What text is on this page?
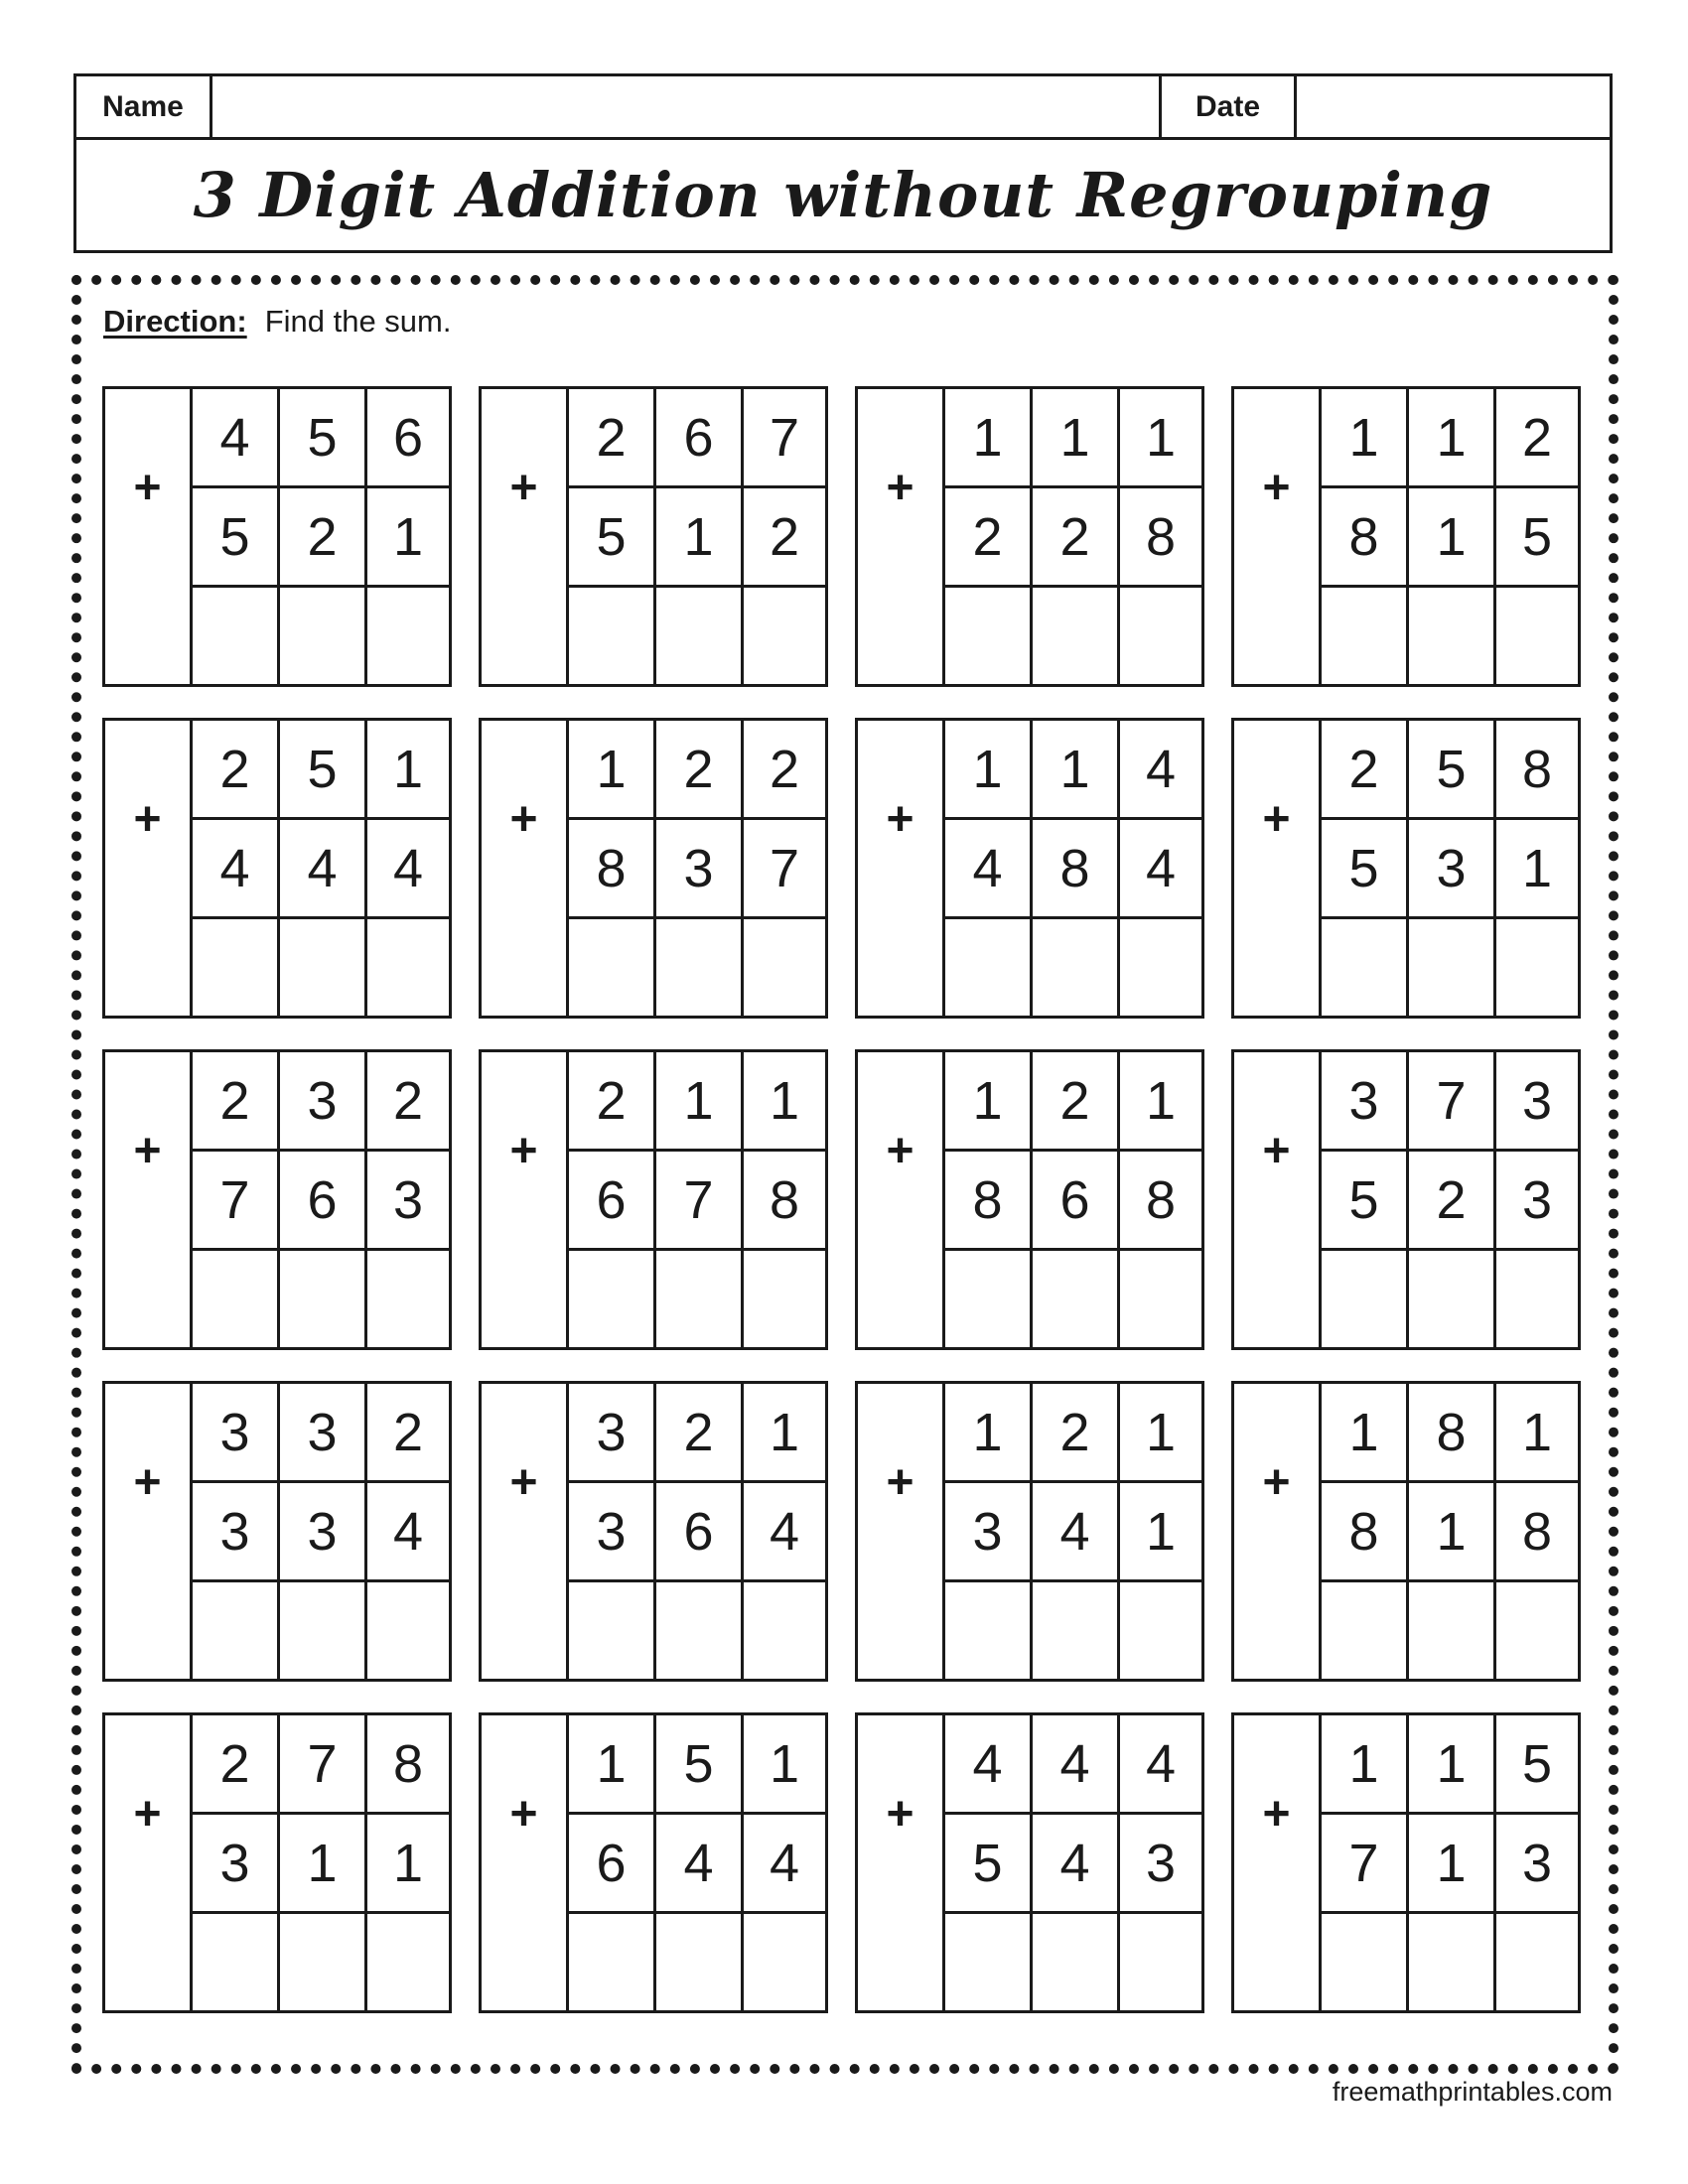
Name	Date
3 Digit Addition without Regrouping
Direction: Find the sum.
+
4	5	6
5	2	1
+
2	6	7
5	1	2
+
1	1	1
2	2	8
+
1	1	2
8	1	5
+
2	5	1
4	4	4
+
1	2	2
8	3	7
+
1	1	4
4	8	4
+
2	5	8
5	3	1
+
2	3	2
7	6	3
+
2	1	1
6	7	8
+
1	2	1
8	6	8
+
3	7	3
5	2	3
+
3	3	2
3	3	4
+
3	2	1
3	6	4
+
1	2	1
3	4	1
+
1	8	1
8	1	8
+
2	7	8
3	1	1
+
1	5	1
6	4	4
+
4	4	4
5	4	3
+
1	1	5
7	1	3
freemathprintables.com
